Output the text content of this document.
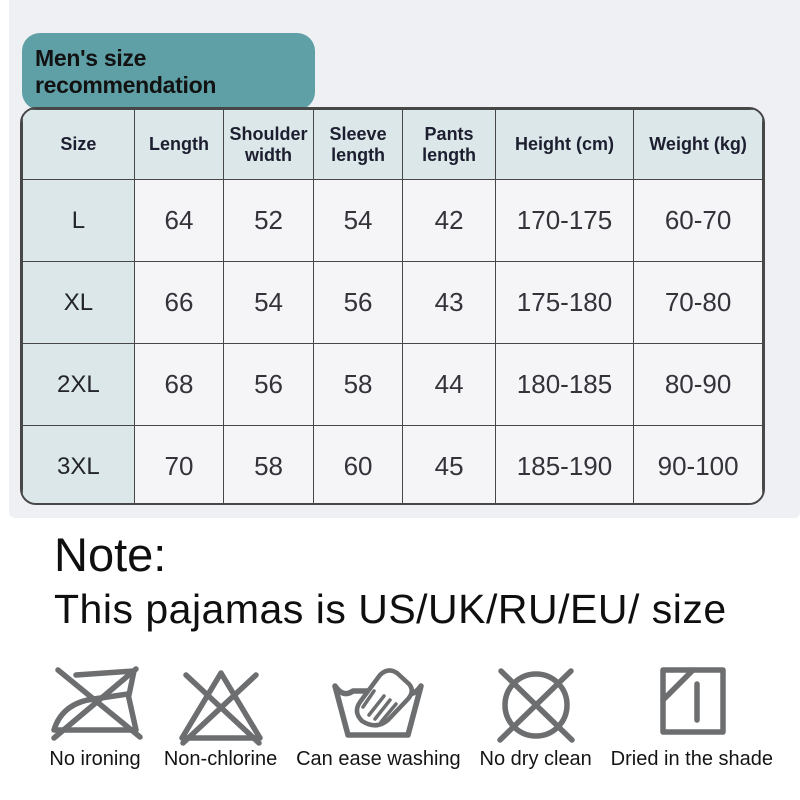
Men's size recommendation
Size	Length	Shoulder width	Sleeve length	Pants length	Height (cm)	Weight (kg)
L	64	52	54	42	170-175	60-70
XL	66	54	56	43	175-180	70-80
2XL	68	56	58	44	180-185	80-90
3XL	70	58	60	45	185-190	90-100
Note:

This pajamas is US/UK/RU/EU/ size

No ironing Non-chlorine Can ease washing No dry clean Dried in the shade
